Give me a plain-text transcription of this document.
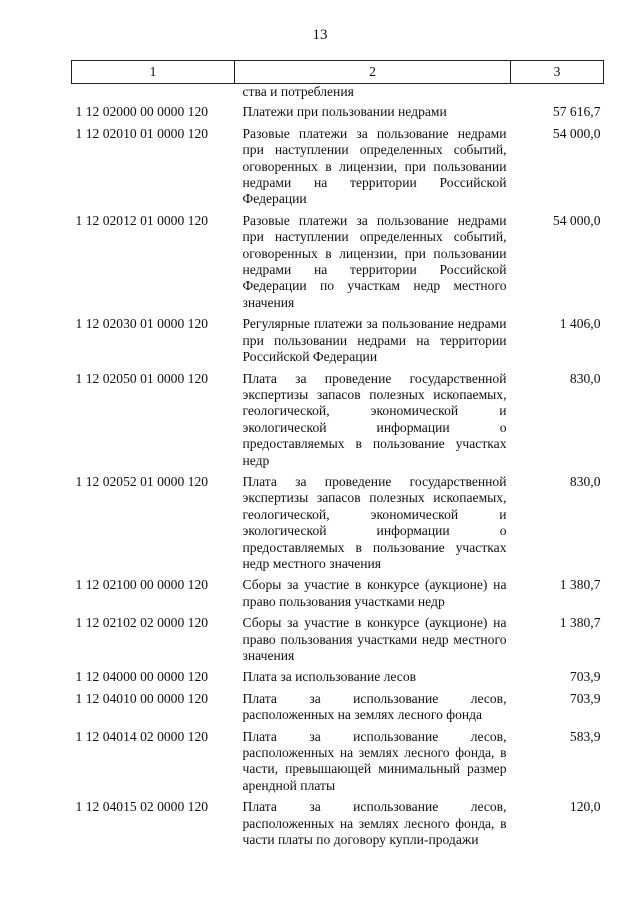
13
1	2	3
	ства и потребления	
1 12 02000 00 0000 120	Платежи при пользовании недрами	57 616,7
1 12 02010 01 0000 120	Разовые платежи за пользование недрами при наступлении определенных событий, оговоренных в лицензии, при пользовании недрами на территории Российской Федерации	54 000,0
1 12 02012 01 0000 120	Разовые платежи за пользование недрами при наступлении определенных событий, оговоренных в лицензии, при пользовании недрами на территории Российской Федерации по участкам недр местного значения	54 000,0
1 12 02030 01 0000 120	Регулярные платежи за пользование недрами при пользовании недрами на территории Российской Федерации	1 406,0
1 12 02050 01 0000 120	Плата за проведение государственной экспертизы запасов полезных ископаемых, геологической, экономической и экологической информации о предоставляемых в пользование участках недр	830,0
1 12 02052 01 0000 120	Плата за проведение государственной экспертизы запасов полезных ископаемых, геологической, экономической и экологической информации о предоставляемых в пользование участках недр местного значения	830,0
1 12 02100 00 0000 120	Сборы за участие в конкурсе (аукционе) на право пользования участками недр	1 380,7
1 12 02102 02 0000 120	Сборы за участие в конкурсе (аукционе) на право пользования участками недр местного значения	1 380,7
1 12 04000 00 0000 120	Плата за использование лесов	703,9
1 12 04010 00 0000 120	Плата за использование лесов, расположенных на землях лесного фонда	703,9
1 12 04014 02 0000 120	Плата за использование лесов, расположенных на землях лесного фонда, в части, превышающей минимальный размер арендной платы	583,9
1 12 04015 02 0000 120	Плата за использование лесов, расположенных на землях лесного фонда, в части платы по договору купли-продажи	120,0
